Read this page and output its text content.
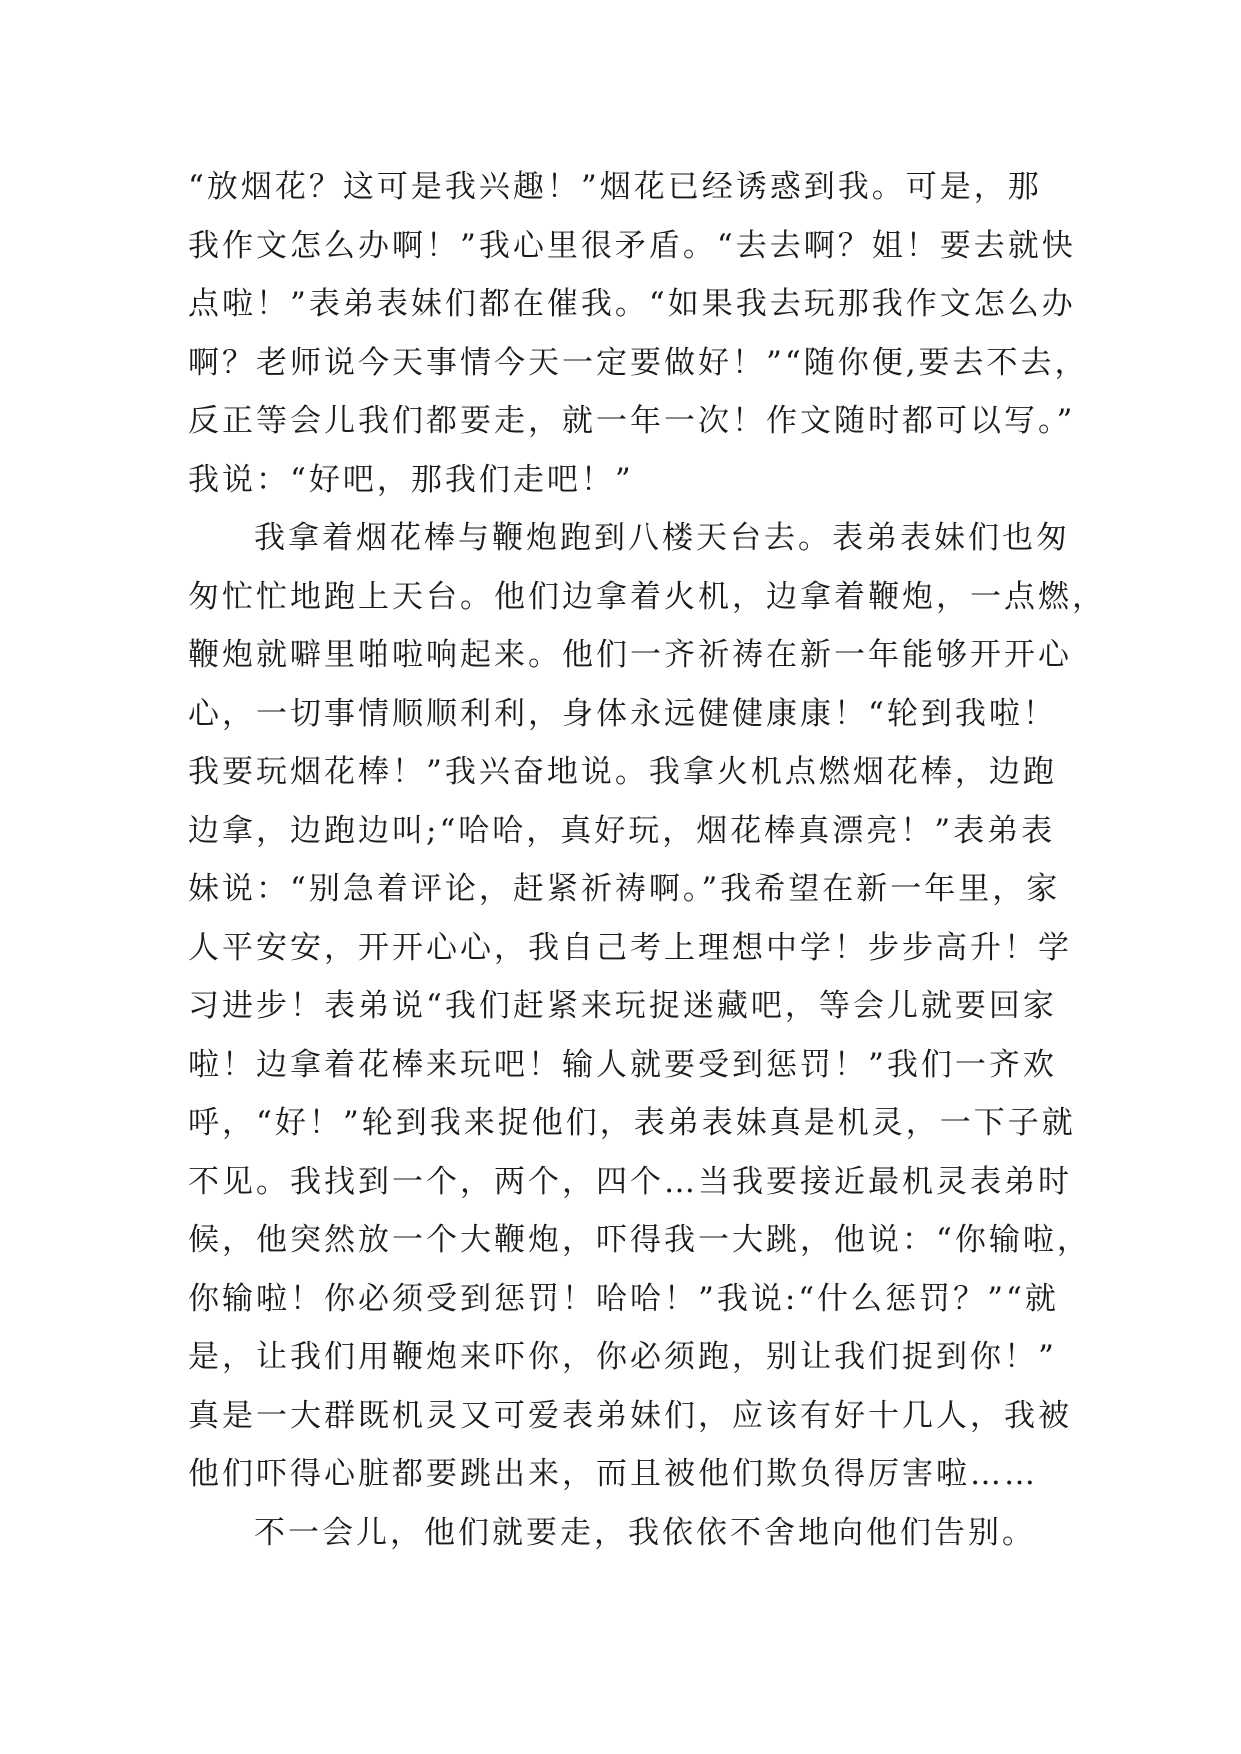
“放烟花？这可是我兴趣！”烟花已经诱惑到我。可是，那
我作文怎么办啊！”我心里很矛盾。“去去啊？姐！要去就快
点啦！”表弟表妹们都在催我。“如果我去玩那我作文怎么办
啊？老师说今天事情今天一定要做好！”“随你便,要去不去，
反正等会儿我们都要走，就一年一次！作文随时都可以写。”
我说：“好吧，那我们走吧！”
我拿着烟花棒与鞭炮跑到八楼天台去。表弟表妹们也匆
匆忙忙地跑上天台。他们边拿着火机，边拿着鞭炮，一点燃，
鞭炮就噼里啪啦响起来。他们一齐祈祷在新一年能够开开心
心，一切事情顺顺利利，身体永远健健康康！“轮到我啦！
我要玩烟花棒！”我兴奋地说。我拿火机点燃烟花棒，边跑
边拿，边跑边叫;“哈哈，真好玩，烟花棒真漂亮！”表弟表
妹说：“别急着评论，赶紧祈祷啊。”我希望在新一年里，家
人平安安，开开心心，我自己考上理想中学！步步高升！学
习进步！表弟说“我们赶紧来玩捉迷藏吧，等会儿就要回家
啦！边拿着花棒来玩吧！输人就要受到惩罚！”我们一齐欢
呼，“好！”轮到我来捉他们，表弟表妹真是机灵，一下子就
不见。我找到一个，两个，四个…当我要接近最机灵表弟时
候，他突然放一个大鞭炮，吓得我一大跳，他说：“你输啦，
你输啦！你必须受到惩罚！哈哈！”我说:“什么惩罚？”“就
是，让我们用鞭炮来吓你，你必须跑，别让我们捉到你！”
真是一大群既机灵又可爱表弟妹们，应该有好十几人，我被
他们吓得心脏都要跳出来，而且被他们欺负得厉害啦……
不一会儿，他们就要走，我依依不舍地向他们告别。
